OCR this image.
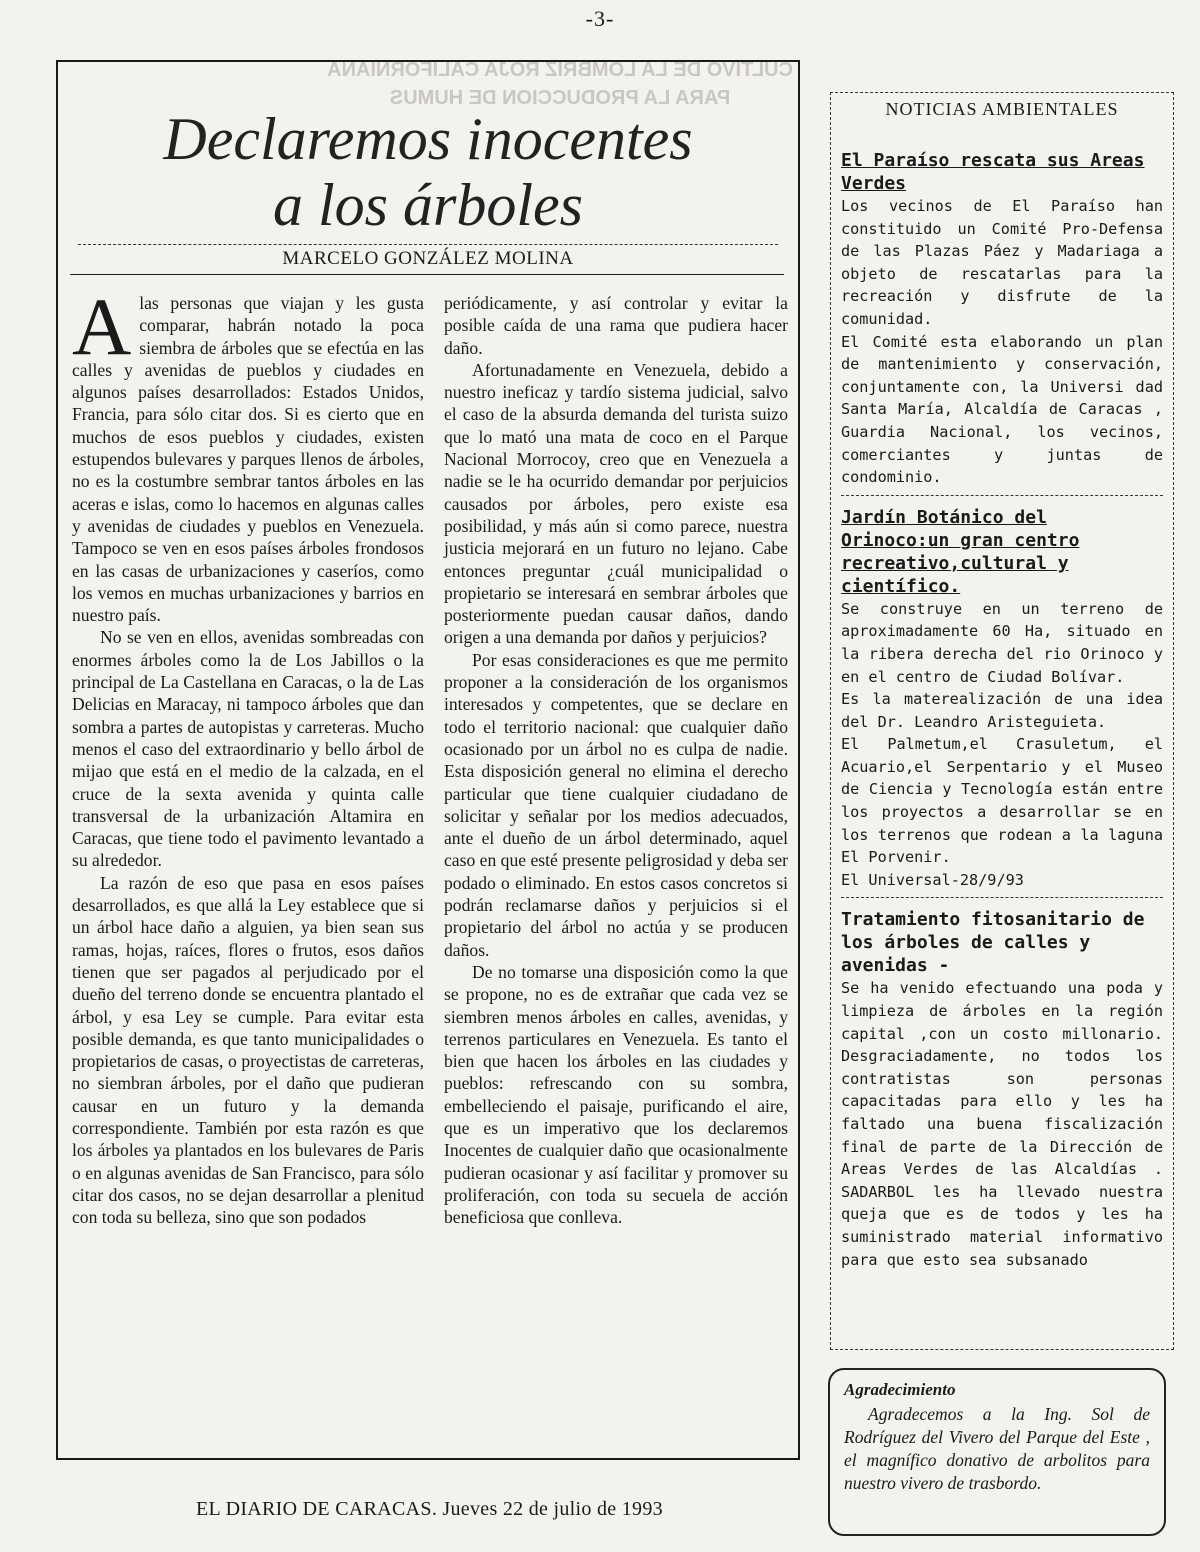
-3-
CULTIVO DE LA LOMBRIZ ROJA CALIFORNIANA
PARA LA PRODUCCION DE HUMUS
Declaremos inocentes
a los árboles
MARCELO GONZÁLEZ MOLINA

Alas personas que viajan y les gusta comparar, habrán notado la poca siembra de árboles que se efectúa en las calles y avenidas de pueblos y ciudades en algunos países desarrollados: Estados Unidos, Francia, para sólo citar dos. Si es cierto que en muchos de esos pueblos y ciudades, existen estupendos bulevares y parques llenos de árboles, no es la costumbre sembrar tantos árboles en las aceras e islas, como lo hacemos en algunas calles y avenidas de ciudades y pueblos en Venezuela. Tampoco se ven en esos países árboles frondosos en las casas de urbanizaciones y caseríos, como los vemos en muchas urbanizaciones y barrios en nuestro país.

No se ven en ellos, avenidas sombreadas con enormes árboles como la de Los Jabillos o la principal de La Castellana en Caracas, o la de Las Delicias en Maracay, ni tampoco árboles que dan sombra a partes de autopistas y carreteras. Mucho menos el caso del extraordinario y bello árbol de mijao que está en el medio de la calzada, en el cruce de la sexta avenida y quinta calle transversal de la urbanización Altamira en Caracas, que tiene todo el pavimento levantado a su alrededor.

La razón de eso que pasa en esos países desarrollados, es que allá la Ley establece que si un árbol hace daño a alguien, ya bien sean sus ramas, hojas, raíces, flores o frutos, esos daños tienen que ser pagados al perjudicado por el dueño del terreno donde se encuentra plantado el árbol, y esa Ley se cumple. Para evitar esta posible demanda, es que tanto municipalidades o propietarios de casas, o proyectistas de carreteras, no siembran árboles, por el daño que pudieran causar en un futuro y la demanda correspondiente. También por esta razón es que los árboles ya plantados en los bulevares de Paris o en algunas avenidas de San Francisco, para sólo citar dos casos, no se dejan desarrollar a plenitud con toda su belleza, sino que son podados

periódicamente, y así controlar y evitar la posible caída de una rama que pudiera hacer daño.

Afortunadamente en Venezuela, debido a nuestro ineficaz y tardío sistema judicial, salvo el caso de la absurda demanda del turista suizo que lo mató una mata de coco en el Parque Nacional Morrocoy, creo que en Venezuela a nadie se le ha ocurrido demandar por perjuicios causados por árboles, pero existe esa posibilidad, y más aún si como parece, nuestra justicia mejorará en un futuro no lejano. Cabe entonces preguntar ¿cuál municipalidad o propietario se interesará en sembrar árboles que posteriormente puedan causar daños, dando origen a una demanda por daños y perjuicios?

Por esas consideraciones es que me permito proponer a la consideración de los organismos interesados y competentes, que se declare en todo el territorio nacional: que cualquier daño ocasionado por un árbol no es culpa de nadie. Esta disposición general no elimina el derecho particular que tiene cualquier ciudadano de solicitar y señalar por los medios adecuados, ante el dueño de un árbol determinado, aquel caso en que esté presente peligrosidad y deba ser podado o eliminado. En estos casos concretos si podrán reclamarse daños y perjuicios si el propietario del árbol no actúa y se producen daños.

De no tomarse una disposición como la que se propone, no es de extrañar que cada vez se siembren menos árboles en calles, avenidas, y terrenos particulares en Venezuela. Es tanto el bien que hacen los árboles en las ciudades y pueblos: refrescando con su sombra, embelleciendo el paisaje, purificando el aire, que es un imperativo que los declaremos Inocentes de cualquier daño que ocasionalmente pudieran ocasionar y así facilitar y promover su proliferación, con toda su secuela de acción beneficiosa que conlleva.

EL DIARIO DE CARACAS. Jueves 22 de julio de 1993
NOTICIAS AMBIENTALES
El Paraíso rescata sus Areas Verdes

Los vecinos de El Paraíso han constituido un Comité Pro-Defensa de las Plazas Páez y Madariaga a objeto de rescatarlas para la recreación y disfrute de la comunidad.

El Comité esta elaborando un plan de mantenimiento y conservación, conjuntamente con, la Universi dad Santa María, Alcaldía de Caracas , Guardia Nacional, los vecinos, comerciantes y juntas de condominio.

Jardín Botánico del Orinoco:un gran centro recreativo,cultural y científico.

Se construye en un terreno de aproximadamente 60 Ha, situado en la ribera derecha del rio Orinoco y en el centro de Ciudad Bolívar.

Es la materealización de una idea del Dr. Leandro Aristeguieta.

El Palmetum,el Crasuletum, el Acuario,el Serpentario y el Museo de Ciencia y Tecnología están entre los proyectos a desarrollar se en los terrenos que rodean a la laguna El Porvenir.

El Universal-28/9/93

Tratamiento fitosanitario de los árboles de calles y avenidas -

Se ha venido efectuando una poda y limpieza de árboles en la región capital ,con un costo millonario. Desgraciadamente, no todos los contratistas son personas capacitadas para ello y les ha faltado una buena fiscalización final de parte de la Dirección de Areas Verdes de las Alcaldías . SADARBOL les ha llevado nuestra queja que es de todos y les ha suministrado material informativo para que esto sea subsanado

Agradecimiento
Agradecemos a la Ing. Sol de Rodríguez del Vivero del Parque del Este , el magnífico donativo de arbolitos para nuestro vivero de trasbordo.
